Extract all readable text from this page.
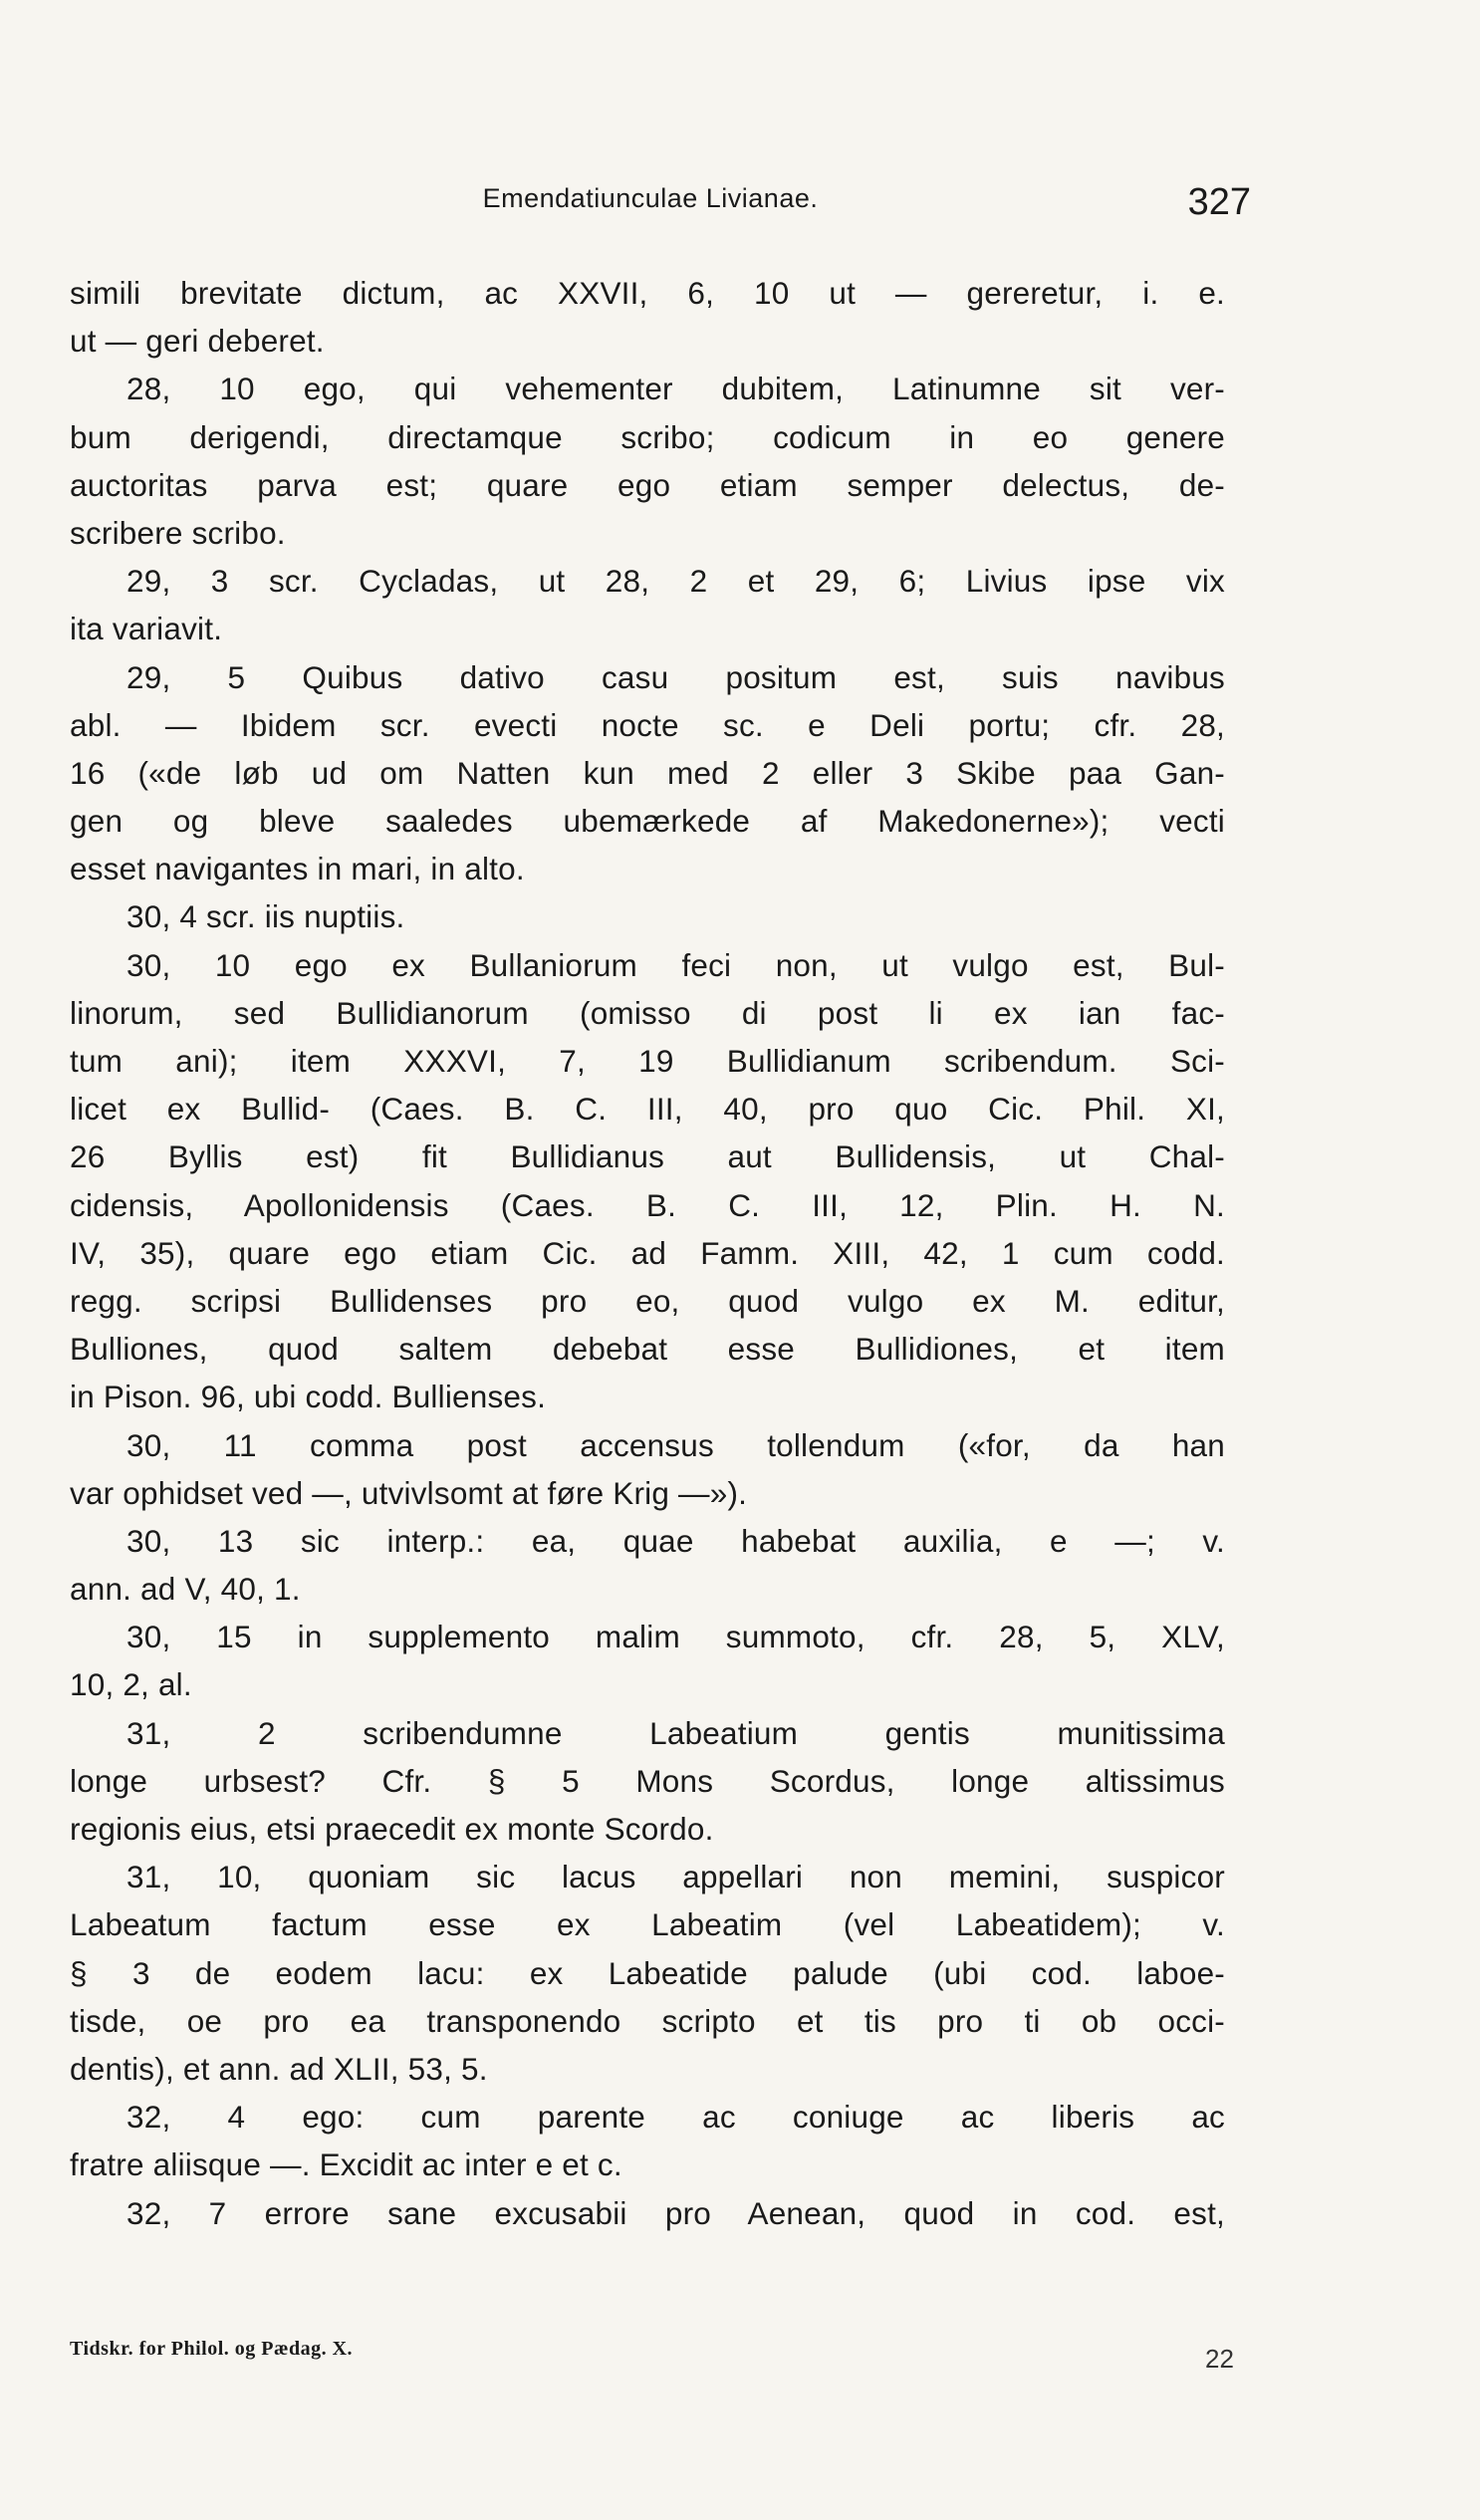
Emendatiunculae Livianae.	327
simili brevitate dictum, ac XXVII, 6, 10 ut — gereretur, i. e.
ut — geri deberet.
28, 10 ego, qui vehementer dubitem, Latinumne sit ver-
bum derigendi, directamque scribo; codicum in eo genere
auctoritas parva est; quare ego etiam semper delectus, de-
scribere scribo.
29, 3 scr. Cycladas, ut 28, 2 et 29, 6; Livius ipse vix
ita variavit.
29, 5 Quibus dativo casu positum est, suis navibus
abl. — Ibidem scr. evecti nocte sc. e Deli portu; cfr. 28,
16 («de løb ud om Natten kun med 2 eller 3 Skibe paa Gan-
gen og bleve saaledes ubemærkede af Makedonerne»); vecti
esset navigantes in mari, in alto.
30, 4 scr. iis nuptiis.
30, 10 ego ex Bullaniorum feci non, ut vulgo est, Bul-
linorum, sed Bullidianorum (omisso di post li ex ian fac-
tum ani); item XXXVI, 7, 19 Bullidianum scribendum. Sci-
licet ex Bullid- (Caes. B. C. III, 40, pro quo Cic. Phil. XI,
26 Byllis est) fit Bullidianus aut Bullidensis, ut Chal-
cidensis, Apollonidensis (Caes. B. C. III, 12, Plin. H. N.
IV, 35), quare ego etiam Cic. ad Famm. XIII, 42, 1 cum codd.
regg. scripsi Bullidenses pro eo, quod vulgo ex M. editur,
Bulliones, quod saltem debebat esse Bullidiones, et item
in Pison. 96, ubi codd. Bullienses.
30, 11 comma post accensus tollendum («for, da han
var ophidset ved —, utvivlsomt at føre Krig —»).
30, 13 sic interp.: ea, quae habebat auxilia, e —; v.
ann. ad V, 40, 1.
30, 15 in supplemento malim summoto, cfr. 28, 5, XLV,
10, 2, al.
31, 2 scribendumne Labeatium gentis munitissima
longe urbsest? Cfr. § 5 Mons Scordus, longe altissimus
regionis eius, etsi praecedit ex monte Scordo.
31, 10, quoniam sic lacus appellari non memini, suspicor
Labeatum factum esse ex Labeatim (vel Labeatidem); v.
§ 3 de eodem lacu: ex Labeatide palude (ubi cod. laboe-
tisde, oe pro ea transponendo scripto et tis pro ti ob occi-
dentis), et ann. ad XLII, 53, 5.
32, 4 ego: cum parente ac coniuge ac liberis ac
fratre aliisque —. Excidit ac inter e et c.
32, 7 errore sane excusabii pro Aenean, quod in cod. est,
Tidskr. for Philol. og Pædag. X.	22
